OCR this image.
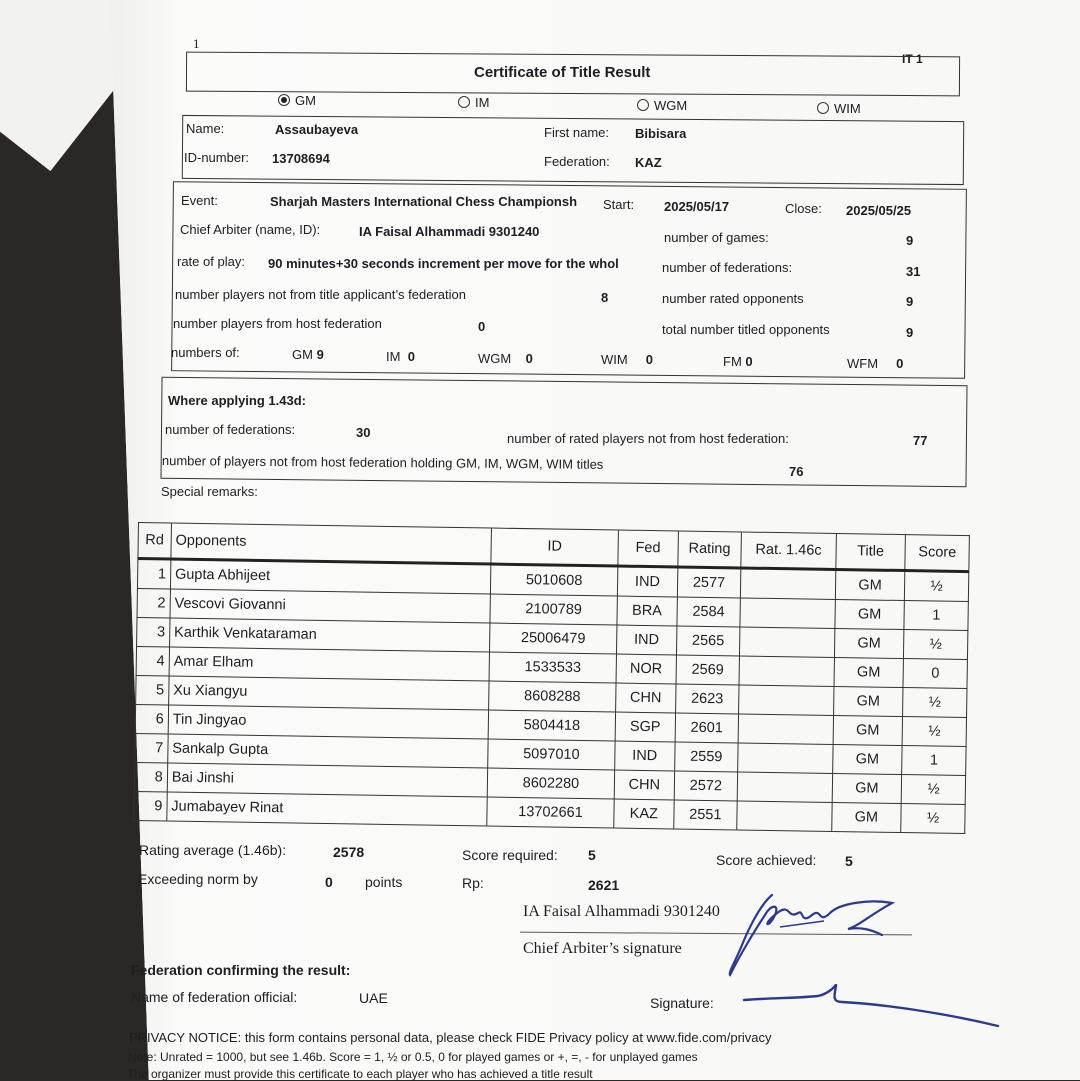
1
IT 1
Certificate of Title Result
GM	IM	WGM	WIM
Name:	Assaubayeva	First name: Bibisara
ID-number: 13708694	Federation: KAZ
Event:	Sharjah Masters International Chess Championsh	Start: 2025/05/17	Close: 2025/05/25
Chief Arbiter (name, ID):	IA Faisal Alhammadi 9301240	number of games:	9
rate of play: 90 minutes+30 seconds increment per move for the whol	number of federations:	31
number players not from title applicant’s federation	8	number rated opponents	9
number players from host federation	0	total number titled opponents	9
numbers of:	GM 9	IM 0	WGM 0	WIM 0	FM 0	WFM 0
Where applying 1.43d:
number of federations:	30	number of rated players not from host federation:	77
number of players not from host federation holding GM, IM, WGM, WIM titles	76
Special remarks:
Rd	Opponents	ID	Fed	Rating	Rat. 1.46c	Title	Score
1	Gupta Abhijeet	5010608	IND	2577		GM	½
2	Vescovi Giovanni	2100789	BRA	2584		GM	1
3	Karthik Venkataraman	25006479	IND	2565		GM	½
4	Amar Elham	1533533	NOR	2569		GM	0
5	Xu Xiangyu	8608288	CHN	2623		GM	½
6	Tin Jingyao	5804418	SGP	2601		GM	½
7	Sankalp Gupta	5097010	IND	2559		GM	1
8	Bai Jinshi	8602280	CHN	2572		GM	½
9	Jumabayev Rinat	13702661	KAZ	2551		GM	½
Rating average (1.46b):	2578	Score required: 5	Score achieved: 5
Exceeding norm by	0 points	Rp:	2621
IA Faisal Alhammadi 9301240
Chief Arbiter’s signature
Federation confirming the result:
Name of federation official:	UAE	Signature:
PRIVACY NOTICE: this form contains personal data, please check FIDE Privacy policy at www.fide.com/privacy
Note: Unrated = 1000, but see 1.46b. Score = 1, ½ or 0.5, 0 for played games or +, =, - for unplayed games
The organizer must provide this certificate to each player who has achieved a title result
